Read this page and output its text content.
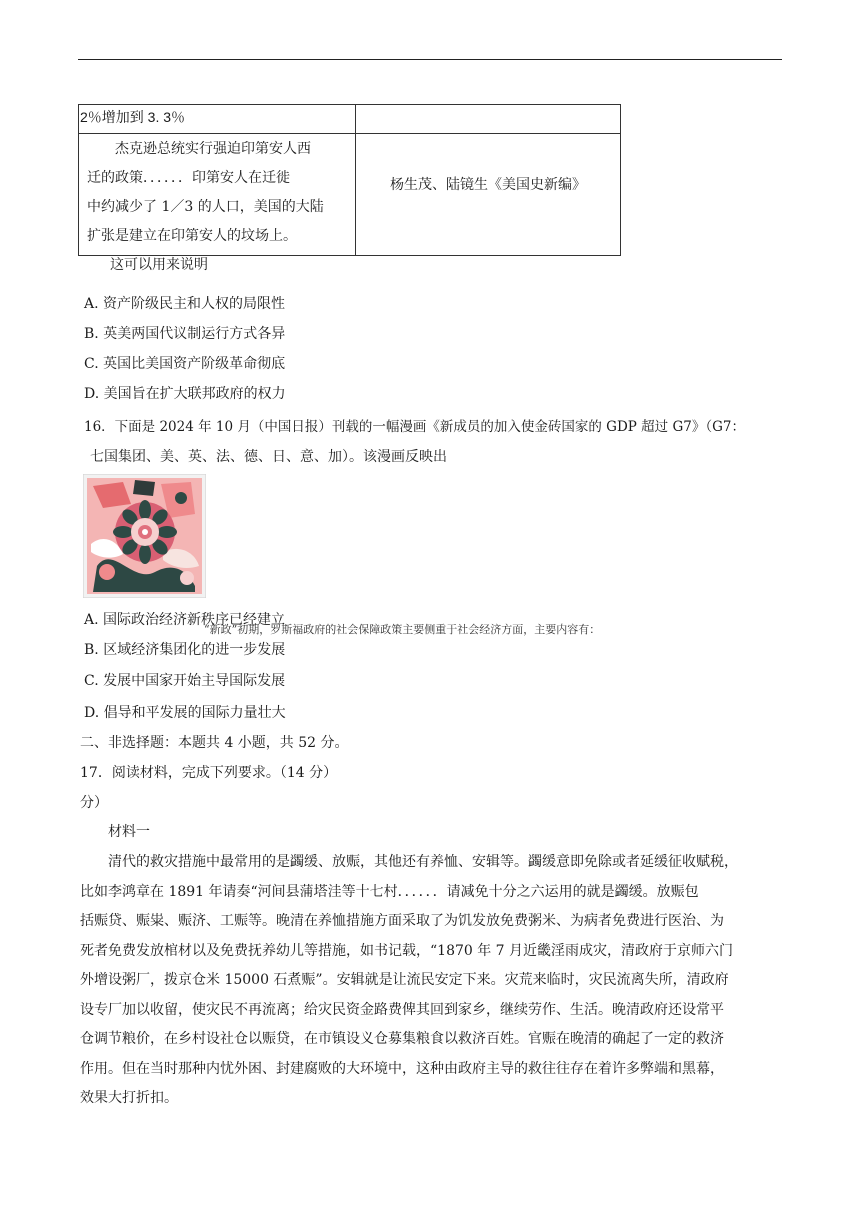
2％增加到 3. 3％	

杰克逊总统实行强迫印第安人西
迁的政策．．．．．．印第安人在迁徙
中约减少了 1／3 的人口，美国的大陆
扩张是建立在印第安人的坟场上。	杨生茂、陆镜生《美国史新编》
这可以用来说明
A. 资产阶级民主和人权的局限性
B. 英美两国代议制运行方式各异
C. 英国比美国资产阶级革命彻底
D. 美国旨在扩大联邦政府的权力
16．下面是 2024 年 10 月（中国日报）刊载的一幅漫画《新成员的加入使金砖国家的 GDP 超过 G7》（G7：
七国集团、美、英、法、德、日、意、加）。该漫画反映出
A. 国际政治经济新秩序已经建立
“新政”初期，罗斯福政府的社会保障政策主要侧重于社会经济方面，主要内容有：
B. 区域经济集团化的进一步发展
C. 发展中国家开始主导国际发展
D. 倡导和平发展的国际力量壮大
二、非选择题：本题共 4 小题，共 52 分。
17．阅读材料，完成下列要求。（14 分）
分）
材料一
清代的救灾措施中最常用的是蠲缓、放赈，其他还有养恤、安辑等。蠲缓意即免除或者延缓征收赋税，
比如李鸿章在 1891 年请奏“河间县蒲塔洼等十七村．．．．．．请减免十分之六运用的就是蠲缓。放赈包
括赈贷、赈粜、赈济、工赈等。晚清在养恤措施方面采取了为饥发放免费粥米、为病者免费进行医治、为
死者免费发放棺材以及免费抚养幼儿等措施，如书记载，“1870 年 7 月近畿淫雨成灾，清政府于京师六门
外增设粥厂，拨京仓米 15000 石煮赈”。安辑就是让流民安定下来。灾荒来临时，灾民流离失所，清政府
设专厂加以收留，使灾民不再流离；给灾民资金路费俾其回到家乡，继续劳作、生活。晚清政府还设常平
仓调节粮价，在乡村设社仓以赈贷，在市镇设义仓募集粮食以救济百姓。官赈在晚清的确起了一定的救济
作用。但在当时那种内忧外困、封建腐败的大环境中，这种由政府主导的救往往存在着许多弊端和黑幕，
效果大打折扣。
